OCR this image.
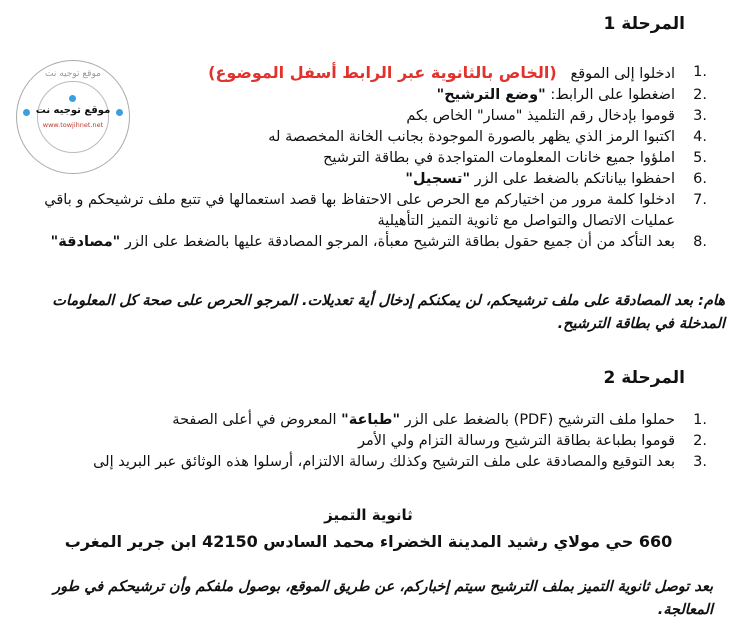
المرحلة 1
1.
ادخلوا إلى الموقع   (الخاص بالثانوية عبر الرابط أسفل الموضوع)
2.
اضغطوا على الرابط: "وضع الترشيح"
3.
قوموا بإدخال رقم التلميذ "مسار" الخاص بكم
4.
اكتبوا الرمز الذي يظهر بالصورة الموجودة بجانب الخانة المخصصة له
5.
املؤوا جميع خانات المعلومات المتواجدة في بطاقة الترشيح
6.
احفظوا بياناتكم بالضغط على الزر "تسجيل"
7.
ادخلوا كلمة مرور من اختياركم مع الحرص على الاحتفاظ بها قصد استعمالها في تتبع ملف ترشيحكم و باقي عمليات الاتصال والتواصل مع ثانوية التميز التأهيلية
8.
بعد التأكد من أن جميع حقول بطاقة الترشيح معبأة، المرجو المصادقة عليها بالضغط على الزر "مصادقة"
هام: بعد المصادقة على ملف ترشيحكم، لن يمكنكم إدخال أية تعديلات. المرجو الحرص على صحة كل المعلومات المدخلة في بطاقة الترشيح.
المرحلة 2
1.
حملوا ملف الترشيح (PDF) بالضغط على الزر "طباعة" المعروض في أعلى الصفحة
2.
قوموا بطباعة بطاقة الترشيح ورسالة التزام ولي الأمر
3.
بعد التوقيع والمصادقة على ملف الترشيح وكذلك رسالة الالتزام، أرسلوا هذه الوثائق عبر البريد إلى
ثانوية التميز
660 حي مولاي رشيد المدينة الخضراء محمد السادس 42150 ابن جرير المغرب
بعد توصل ثانوية التميز بملف الترشيح سيتم إخباركم، عن طريق الموقع، بوصول ملفكم وأن ترشيحكم في طور المعالجة.
موقع توجيه نت
موقع توجيه نت
www.towjihnet.net
